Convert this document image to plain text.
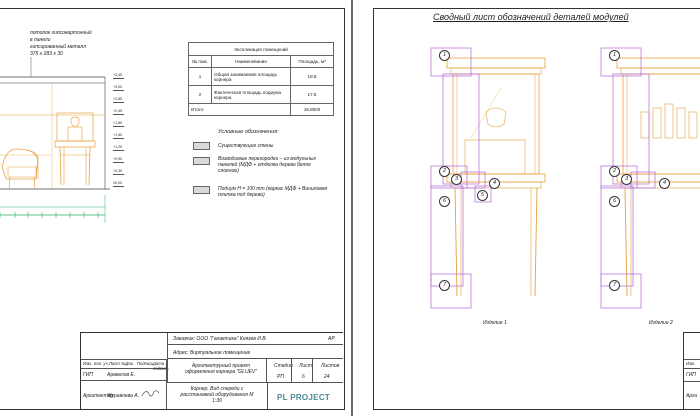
потолок гипсокартонный
в панели
гипсированный металл
375 x 283 x 30
+3,45
+3,00
+2,85
+2,45
+1,80
+1,50
+1,20
+0,90
+0,30
±0,00
Экспликация помещений		
№ пом.	Наименование	Площадь, м²
1	Общая занимаемая площадь корнера	18.8
2	Фактическая площадь подиума корнера	17.5
Итого:		18,8000
Условные обозначения:
Существующие стены
Возводимые перегородки – из модульных панелей (МДФ + отделка дерево белое слоеное)
Подиум Н = 100 mm (каркас МДФ + Виниловая плитка под дерево)
Заказчик: ООО "Галактика" Князев И.В.	АР
Адрес: Виртуальное помещение
Изм. Кол. уч. Лист №Док. Подпись Дата
подпись	Архитектурный проект оформления корнера "GLUEV"
Стадия Лист Листов
РП	6	24
ГИП	Аракелов Е.
Архитектор
Журавлева А.
Корнер. Вид спереди с расстановкой оборудования М 1:30	PL PROJECT
Сводный лист обозначений деталей модулей
1
2
3
4
5
6
7
1
2
3
4
6
7
Изделие 1	Изделие 2
Изм.
ГИП
Архи
